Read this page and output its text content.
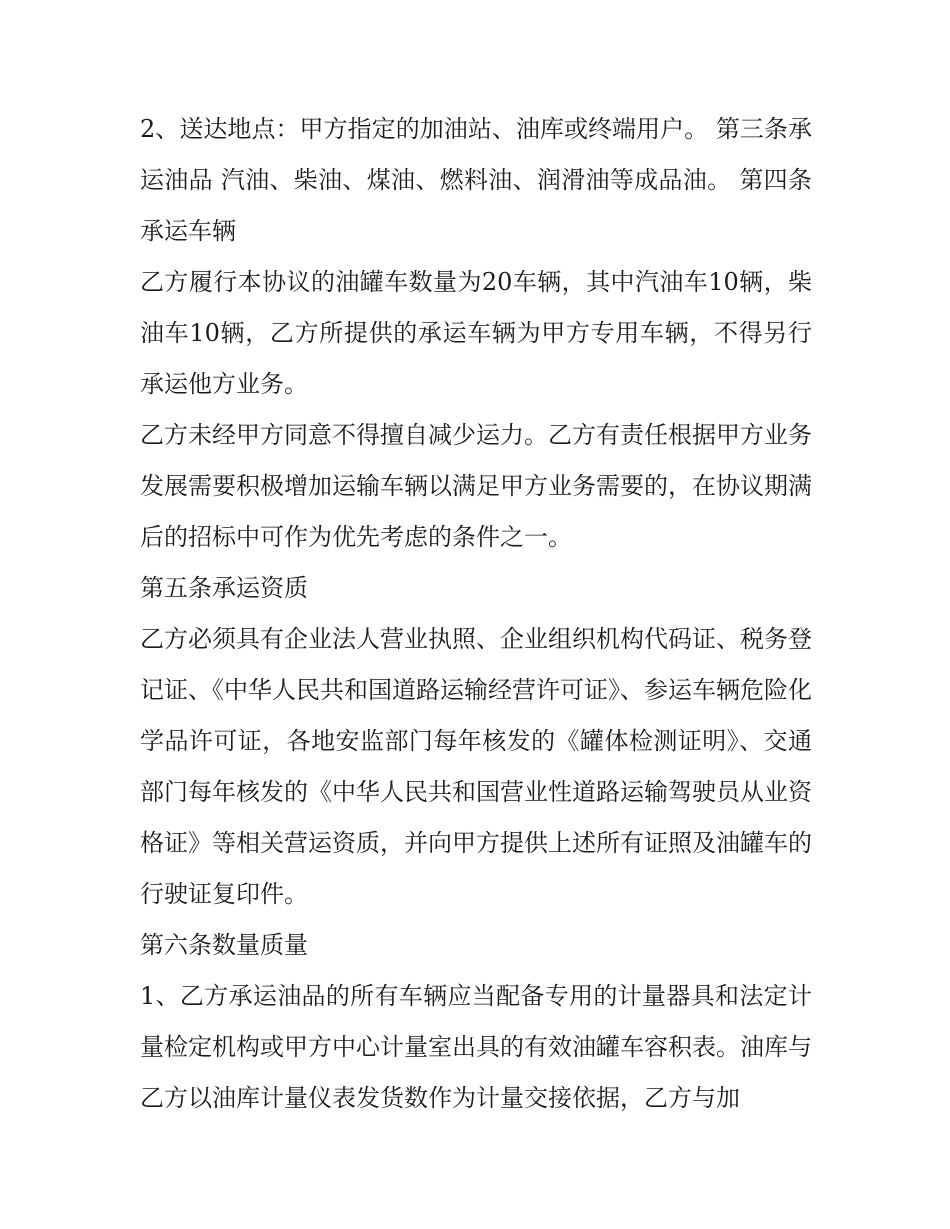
2、送达地点：甲方指定的加油站、油库或终端用户。 第三条承运油品 汽油、柴油、煤油、燃料油、润滑油等成品油。 第四条承运车辆

乙方履行本协议的油罐车数量为20车辆，其中汽油车10辆，柴油车10辆，乙方所提供的承运车辆为甲方专用车辆，不得另行承运他方业务。

乙方未经甲方同意不得擅自减少运力。乙方有责任根据甲方业务发展需要积极增加运输车辆以满足甲方业务需要的，在协议期满后的招标中可作为优先考虑的条件之一。

第五条承运资质

乙方必须具有企业法人营业执照、企业组织机构代码证、税务登记证、《中华人民共和国道路运输经营许可证》、参运车辆危险化学品许可证，各地安监部门每年核发的《罐体检测证明》、交通部门每年核发的《中华人民共和国营业性道路运输驾驶员从业资格证》等相关营运资质，并向甲方提供上述所有证照及油罐车的行驶证复印件。

第六条数量质量

1、乙方承运油品的所有车辆应当配备专用的计量器具和法定计量检定机构或甲方中心计量室出具的有效油罐车容积表。油库与乙方以油库计量仪表发货数作为计量交接依据，乙方与加
